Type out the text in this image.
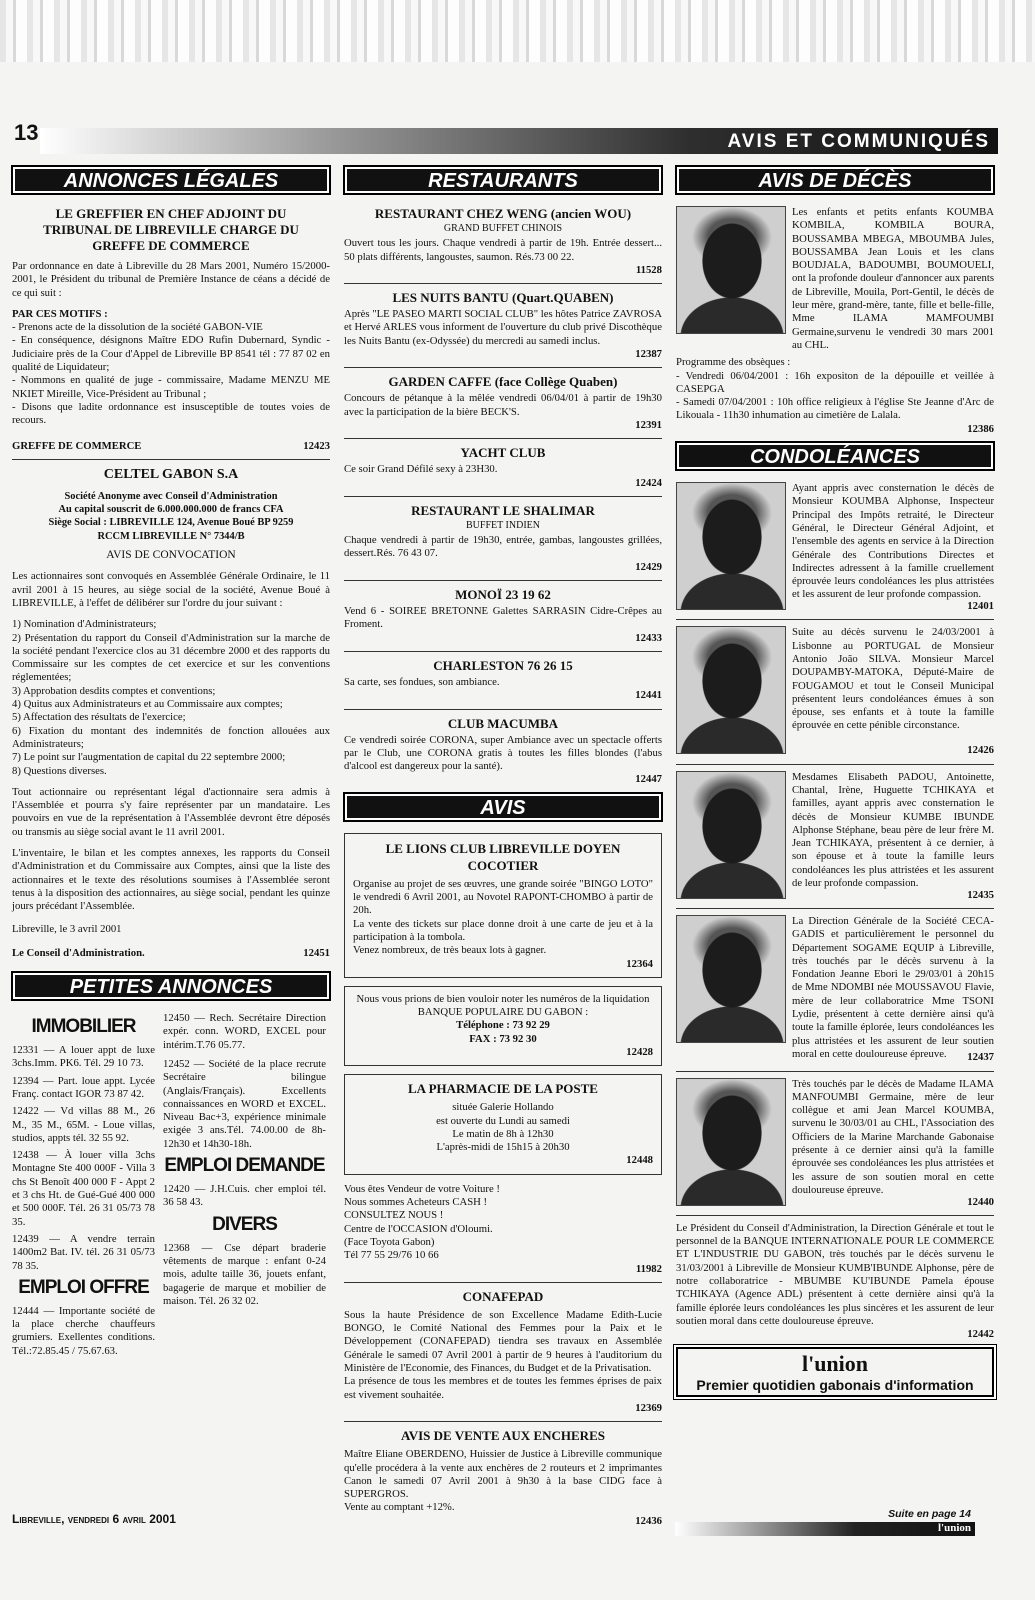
13	AVIS ET COMMUNIQUÉS
ANNONCES LÉGALES
LE GREFFIER EN CHEF ADJOINT DU TRIBUNAL DE LIBREVILLE CHARGE DU GREFFE DE COMMERCE
Par ordonnance en date à Libreville du 28 Mars 2001, Numéro 15/2000-2001, le Président du tribunal de Première Instance de céans a décidé de ce qui suit :
PAR CES MOTIFS :
- Prenons acte de la dissolution de la société GABON-VIE
- En conséquence, désignons Maître EDO Rufin Dubernard, Syndic - Judiciaire près de la Cour d'Appel de Libreville BP 8541 tél : 77 87 02 en qualité de Liquidateur;
- Nommons en qualité de juge - commissaire, Madame MENZU ME NKIET Mireille, Vice-Président au Tribunal ;
- Disons que ladite ordonnance est insusceptible de toutes voies de recours.
GREFFE DE COMMERCE	12423
CELTEL GABON S.A
Société Anonyme avec Conseil d'Administration
Au capital souscrit de 6.000.000.000 de francs CFA
Siège Social : LIBREVILLE 124, Avenue Boué BP 9259
RCCM LIBREVILLE N° 7344/B
AVIS DE CONVOCATION
Les actionnaires sont convoqués en Assemblée Générale Ordinaire, le 11 avril 2001 à 15 heures, au siège social de la société, Avenue Boué à LIBREVILLE, à l'effet de délibérer sur l'ordre du jour suivant :
1) Nomination d'Administrateurs;
2) Présentation du rapport du Conseil d'Administration sur la marche de la société pendant l'exercice clos au 31 décembre 2000 et des rapports du Commissaire sur les comptes de cet exercice et sur les conventions réglementées;
3) Approbation desdits comptes et conventions;
4) Quitus aux Administrateurs et au Commissaire aux comptes;
5) Affectation des résultats de l'exercice;
6) Fixation du montant des indemnités de fonction allouées aux Administrateurs;
7) Le point sur l'augmentation de capital du 22 septembre 2000;
8) Questions diverses.
Tout actionnaire ou représentant légal d'actionnaire sera admis à l'Assemblée et pourra s'y faire représenter par un mandataire. Les pouvoirs en vue de la représentation à l'Assemblée devront être déposés ou transmis au siège social avant le 11 avril 2001.
L'inventaire, le bilan et les comptes annexes, les rapports du Conseil d'Administration et du Commissaire aux Comptes, ainsi que la liste des actionnaires et le texte des résolutions soumises à l'Assemblée seront tenus à la disposition des actionnaires, au siège social, pendant les quinze jours précédant l'Assemblée.
Libreville, le 3 avril 2001
Le Conseil d'Administration.	12451
PETITES ANNONCES
IMMOBILIER
12331 — A louer appt de luxe 3chs.Imm. PK6. Tél. 29 10 73.
12394 — Part. loue appt. Lycée Franç. contact IGOR 73 87 42.
12422 — Vd villas 88 M., 26 M., 35 M., 65M. - Loue villas, studios, appts tél. 32 55 92.
12438 — À louer villa 3chs Montagne Ste 400 000F - Villa 3 chs St Benoît 400 000 F - Appt 2 et 3 chs Ht. de Gué-Gué 400 000 et 500 000F. Tél. 26 31 05/73 78 35.
12439 — A vendre terrain 1400m2 Bat. IV. tél. 26 31 05/73 78 35.
EMPLOI OFFRE
12444 — Importante société de la place cherche chauffeurs grumiers. Exellentes conditions. Tél.:72.85.45 / 75.67.63.
12450 — Rech. Secrétaire Direction expér. conn. WORD, EXCEL pour intérim.T.76 05.77.
12452 — Société de la place recrute Secrétaire bilingue (Anglais/Français). Excellents connaissances en WORD et EXCEL. Niveau Bac+3, expérience minimale exigée 3 ans.Tél. 74.00.00 de 8h-12h30 et 14h30-18h.
EMPLOI DEMANDE
12420 — J.H.Cuis. cher emploi tél. 36 58 43.
DIVERS
12368 — Cse départ braderie vêtements de marque : enfant 0-24 mois, adulte taille 36, jouets enfant, bagagerie de marque et mobilier de maison. Tél. 26 32 02.
RESTAURANTS
RESTAURANT CHEZ WENG (ancien WOU)
GRAND BUFFET CHINOIS
Ouvert tous les jours. Chaque vendredi à partir de 19h. Entrée dessert... 50 plats différents, langoustes, saumon. Rés.73 00 22.
11528
LES NUITS BANTU (Quart.QUABEN)
Après "LE PASEO MARTI SOCIAL CLUB" les hôtes Patrice ZAVROSA et Hervé ARLES vous informent de l'ouverture du club privé Discothèque les Nuits Bantu (ex-Odyssée) du mercredi au samedi inclus.
12387
GARDEN CAFFE (face Collège Quaben)
Concours de pétanque à la mêlée vendredi 06/04/01 à partir de 19h30 avec la participation de la bière BECK'S.
12391
YACHT CLUB
Ce soir Grand Défilé sexy à 23H30.
12424
RESTAURANT LE SHALIMAR
BUFFET INDIEN
Chaque vendredi à partir de 19h30, entrée, gambas, langoustes grillées, dessert.Rés. 76 43 07.
12429
MONOÏ 23 19 62
Vend 6 - SOIREE BRETONNE Galettes SARRASIN Cidre-Crêpes au Froment.
12433
CHARLESTON 76 26 15
Sa carte, ses fondues, son ambiance.
12441
CLUB MACUMBA
Ce vendredi soirée CORONA, super Ambiance avec un spectacle offerts par le Club, une CORONA gratis à toutes les filles blondes (l'abus d'alcool est dangereux pour la santé).
12447
AVIS
LE LIONS CLUB LIBREVILLE DOYEN COCOTIER
Organise au projet de ses œuvres, une grande soirée "BINGO LOTO" le vendredi 6 Avril 2001, au Novotel RAPONT-CHOMBO à partir de 20h.
La vente des tickets sur place donne droit à une carte de jeu et à la participation à la tombola.
Venez nombreux, de très beaux lots à gagner.
12364
Nous vous prions de bien vouloir noter les numéros de la liquidation BANQUE POPULAIRE DU GABON :
Téléphone : 73 92 29
FAX : 73 92 30
12428
LA PHARMACIE DE LA POSTE
située Galerie Hollando
est ouverte du Lundi au samedi
Le matin de 8h à 12h30
L'après-midi de 15h15 à 20h30
12448
Vous êtes Vendeur de votre Voiture !
Nous sommes Acheteurs CASH !
CONSULTEZ NOUS !
Centre de l'OCCASION d'Oloumi.
(Face Toyota Gabon)
Tél 77 55 29/76 10 66
11982
CONAFEPAD
Sous la haute Présidence de son Excellence Madame Edith-Lucie BONGO, le Comité National des Femmes pour la Paix et le Développement (CONAFEPAD) tiendra ses travaux en Assemblée Générale le samedi 07 Avril 2001 à partir de 9 heures à l'auditorium du Ministère de l'Economie, des Finances, du Budget et de la Privatisation.
La présence de tous les membres et de toutes les femmes éprises de paix est vivement souhaitée.
12369
AVIS DE VENTE AUX ENCHERES
Maître Eliane OBERDENO, Huissier de Justice à Libreville communique qu'elle procédera à la vente aux enchères de 2 routeurs et 2 imprimantes Canon le samedi 07 Avril 2001 à 9h30 à la base CIDG face à SUPERGROS.
Vente au comptant +12%.
12436
AVIS DE DÉCÈS
Les enfants et petits enfants KOUMBA KOMBILA, KOMBILA BOURA, BOUSSAMBA MBEGA, MBOUMBA Jules, BOUSSAMBA Jean Louis et les clans BOUDJALA, BADOUMBI, BOUMOUELI, ont la profonde douleur d'annoncer aux parents de Libreville, Mouila, Port-Gentil, le décès de leur mère, grand-mère, tante, fille et belle-fille, Mme ILAMA MAMFOUMBI Germaine,survenu le vendredi 30 mars 2001 au CHL.
Programme des obsèques :
- Vendredi 06/04/2001 : 16h expositon de la dépouille et veillée à CASEPGA
- Samedi 07/04/2001 : 10h office religieux à l'église Ste Jeanne d'Arc de Likouala - 11h30 inhumation au cimetière de Lalala.
12386
CONDOLÉANCES
Ayant appris avec consternation le décès de Monsieur KOUMBA Alphonse, Inspecteur Principal des Impôts retraité, le Directeur Général, le Directeur Général Adjoint, et l'ensemble des agents en service à la Direction Générale des Contributions Directes et Indirectes adressent à la famille cruellement éprouvée leurs condoléances les plus attristées et les assurent de leur profonde compassion.
12401
Suite au décès survenu le 24/03/2001 à Lisbonne au PORTUGAL de Monsieur Antonio João SILVA. Monsieur Marcel DOUPAMBY-MATOKA, Député-Maire de FOUGAMOU et tout le Conseil Municipal présentent leurs condoléances émues à son épouse, ses enfants et à toute la famille éprouvée en cette pénible circonstance.
12426
Mesdames Elisabeth PADOU, Antoinette, Chantal, Irène, Huguette TCHIKAYA et familles, ayant appris avec consternation le décès de Monsieur KUMBE IBUNDE Alphonse Stéphane, beau père de leur frère M. Jean TCHIKAYA, présentent à ce dernier, à son épouse et à toute la famille leurs condoléances les plus attristées et les assurent de leur profonde compassion.
12435
La Direction Générale de la Société CECA-GADIS et particulièrement le personnel du Département SOGAME EQUIP à Libreville, très touchés par le décès survenu à la Fondation Jeanne Ebori le 29/03/01 à 20h15 de Mme NDOMBI née MOUSSAVOU Flavie, mère de leur collaboratrice Mme TSONI Lydie, présentent à cette dernière ainsi qu'à toute la famille éplorée, leurs condoléances les plus attristées et les assurent de leur soutien moral en cette douloureuse épreuve.	12437
Très touchés par le décès de Madame ILAMA MANFOUMBI Germaine, mère de leur collègue et ami Jean Marcel KOUMBA, survenu le 30/03/01 au CHL, l'Association des Officiers de la Marine Marchande Gabonaise présente à ce dernier ainsi qu'à la famille éprouvée ses condoléances les plus attristées et les assure de son soutien moral en cette douloureuse épreuve.
12440
Le Président du Conseil d'Administration, la Direction Générale et tout le personnel de la BANQUE INTERNATIONALE POUR LE COMMERCE ET L'INDUSTRIE DU GABON, très touchés par le décès survenu le 31/03/2001 à Libreville de Monsieur KUMB'IBUNDE Alphonse, père de notre collaboratrice - MBUMBE KU'IBUNDE Pamela épouse TCHIKAYA (Agence ADL) présentent à cette dernière ainsi qu'à la famille éplorée leurs condoléances les plus sincères et les assurent de leur soutien moral dans cette douloureuse épreuve.
12442
l'union
Premier quotidien gabonais d'information
Libreville, vendredi 6 avril 2001	Suite en page 14
l'union
